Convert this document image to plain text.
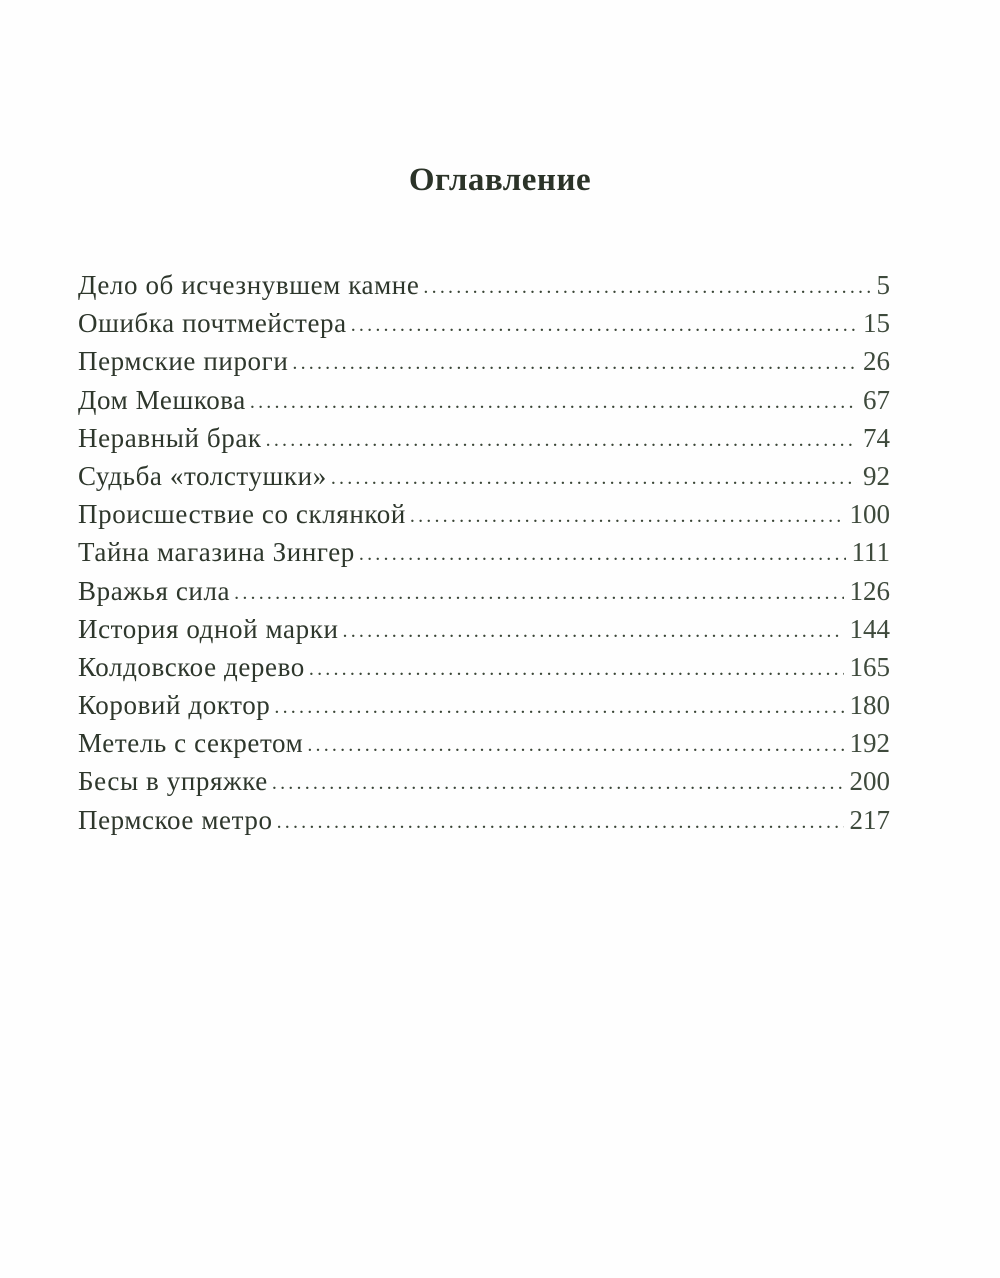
Оглавление
Дело об исчезнувшем камне .....	5
Ошибка почтмейстера .....	15
Пермские пироги .....	26
Дом Мешкова .....	67
Неравный брак .....	74
Судьба «толстушки» .....	92
Происшествие со склянкой .....	100
Тайна магазина Зингер .....	111
Вражья сила .....	126
История одной марки .....	144
Колдовское дерево .....	165
Коровий доктор .....	180
Метель с секретом .....	192
Бесы в упряжке .....	200
Пермское метро .....	217
